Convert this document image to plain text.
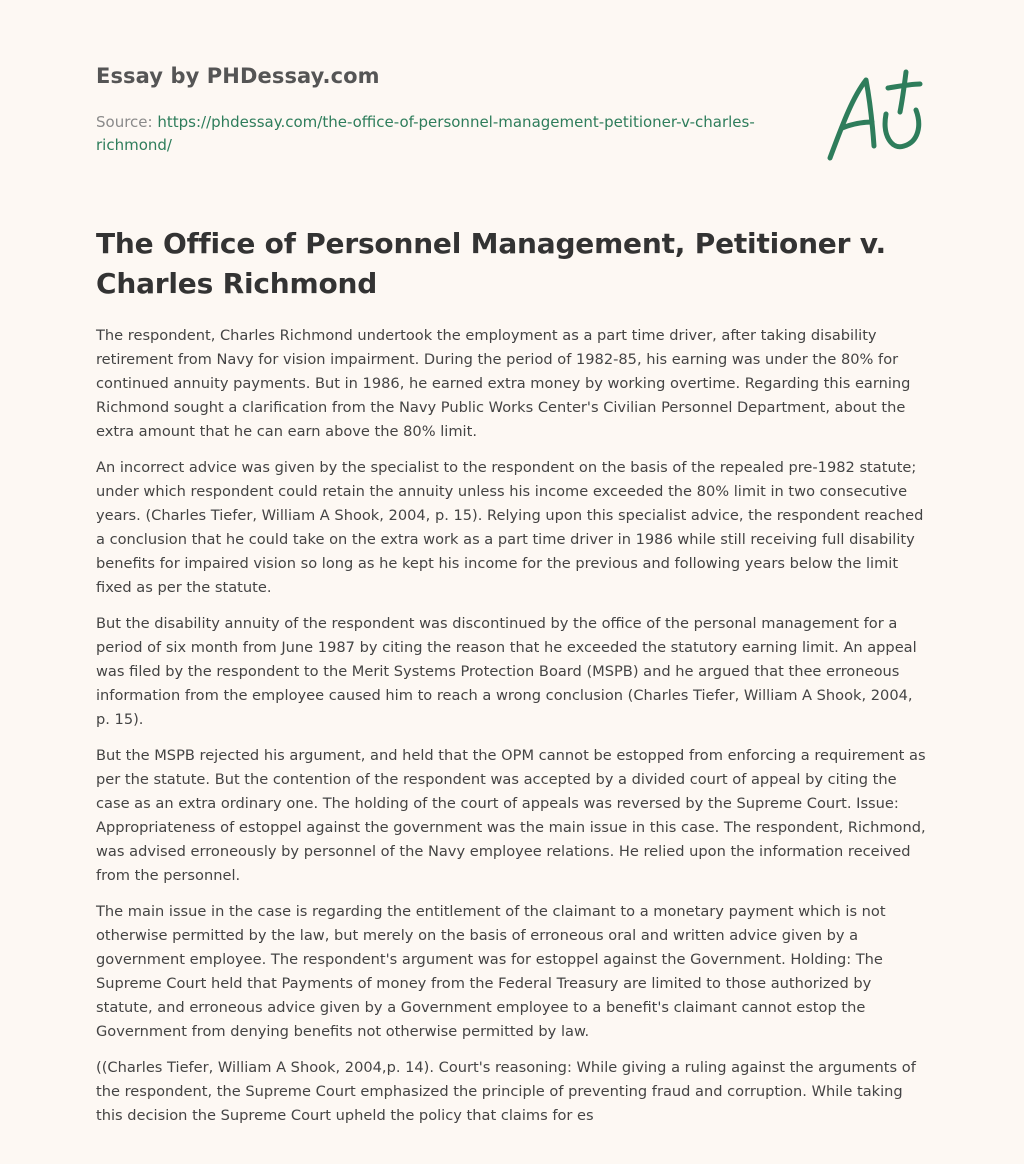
Essay by PHDessay.com
Source: https://phdessay.com/the-office-of-personnel-management-petitioner-v-charles-richmond/
The Office of Personnel Management, Petitioner v. Charles Richmond

The respondent, Charles Richmond undertook the employment as a part time driver, after taking disability retirement from Navy for vision impairment. During the period of 1982-85, his earning was under the 80% for continued annuity payments. But in 1986, he earned extra money by working overtime. Regarding this earning Richmond sought a clarification from the Navy Public Works Center's Civilian Personnel Department, about the extra amount that he can earn above the 80% limit.

An incorrect advice was given by the specialist to the respondent on the basis of the repealed pre-1982 statute; under which respondent could retain the annuity unless his income exceeded the 80% limit in two consecutive years. (Charles Tiefer, William A Shook, 2004, p. 15). Relying upon this specialist advice, the respondent reached a conclusion that he could take on the extra work as a part time driver in 1986 while still receiving full disability benefits for impaired vision so long as he kept his income for the previous and following years below the limit fixed as per the statute.

But the disability annuity of the respondent was discontinued by the office of the personal management for a period of six month from June 1987 by citing the reason that he exceeded the statutory earning limit. An appeal was filed by the respondent to the Merit Systems Protection Board (MSPB) and he argued that thee erroneous information from the employee caused him to reach a wrong conclusion (Charles Tiefer, William A Shook, 2004, p. 15).

But the MSPB rejected his argument, and held that the OPM cannot be estopped from enforcing a requirement as per the statute. But the contention of the respondent was accepted by a divided court of appeal by citing the case as an extra ordinary one. The holding of the court of appeals was reversed by the Supreme Court. Issue: Appropriateness of estoppel against the government was the main issue in this case. The respondent, Richmond, was advised erroneously by personnel of the Navy employee relations. He relied upon the information received from the personnel.

The main issue in the case is regarding the entitlement of the claimant to a monetary payment which is not otherwise permitted by the law, but merely on the basis of erroneous oral and written advice given by a government employee. The respondent's argument was for estoppel against the Government. Holding: The Supreme Court held that Payments of money from the Federal Treasury are limited to those authorized by statute, and erroneous advice given by a Government employee to a benefit's claimant cannot estop the Government from denying benefits not otherwise permitted by law.

((Charles Tiefer, William A Shook, 2004,p. 14). Court's reasoning: While giving a ruling against the arguments of the respondent, the Supreme Court emphasized the principle of preventing fraud and corruption. While taking this decision the Supreme Court upheld the policy that claims for es
